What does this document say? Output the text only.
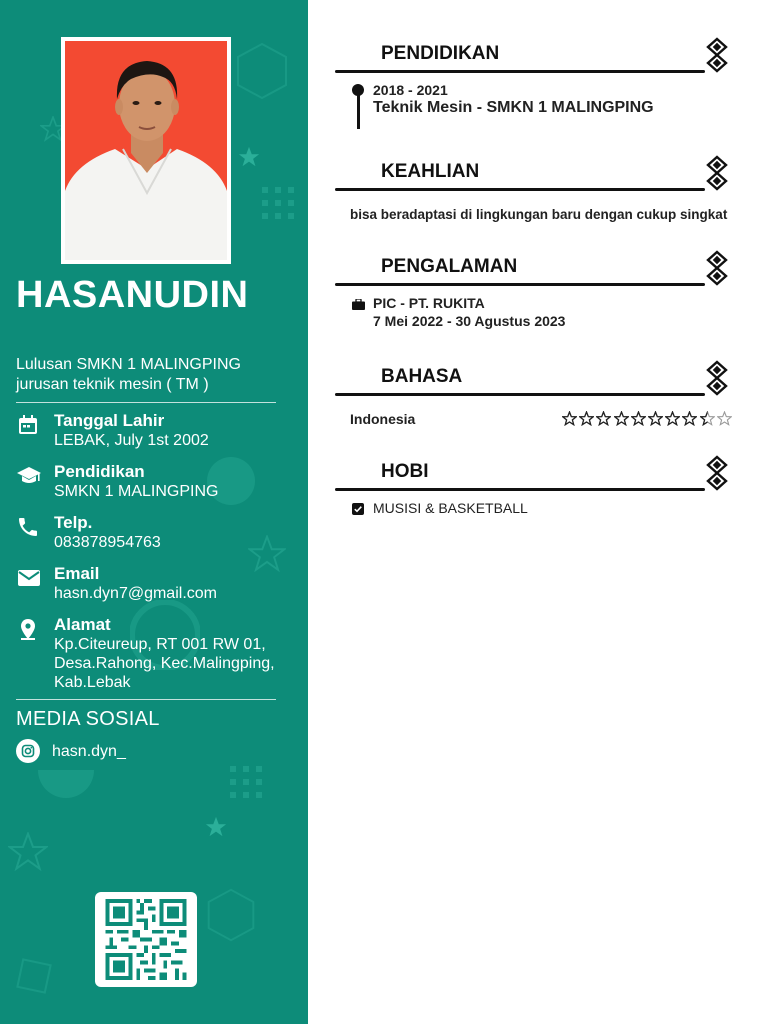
HASANUDIN
Lulusan SMKN 1 MALINGPING
jurusan teknik mesin ( TM )
Tanggal Lahir
LEBAK, July 1st 2002
Pendidikan
SMKN 1 MALINGPING
Telp.
083878954763
Email
hasn.dyn7@gmail.com
Alamat
Kp.Citeureup, RT 001 RW 01, Desa.Rahong, Kec.Malingping, Kab.Lebak
MEDIA SOSIAL
hasn.dyn_
PENDIDIKAN
2018 - 2021
Teknik Mesin - SMKN 1 MALINGPING
KEAHLIAN
bisa beradaptasi di lingkungan baru dengan cukup singkat
PENGALAMAN
PIC - PT. RUKITA
7 Mei 2022 - 30 Agustus 2023
BAHASA
Indonesia
HOBI
MUSISI & BASKETBALL
